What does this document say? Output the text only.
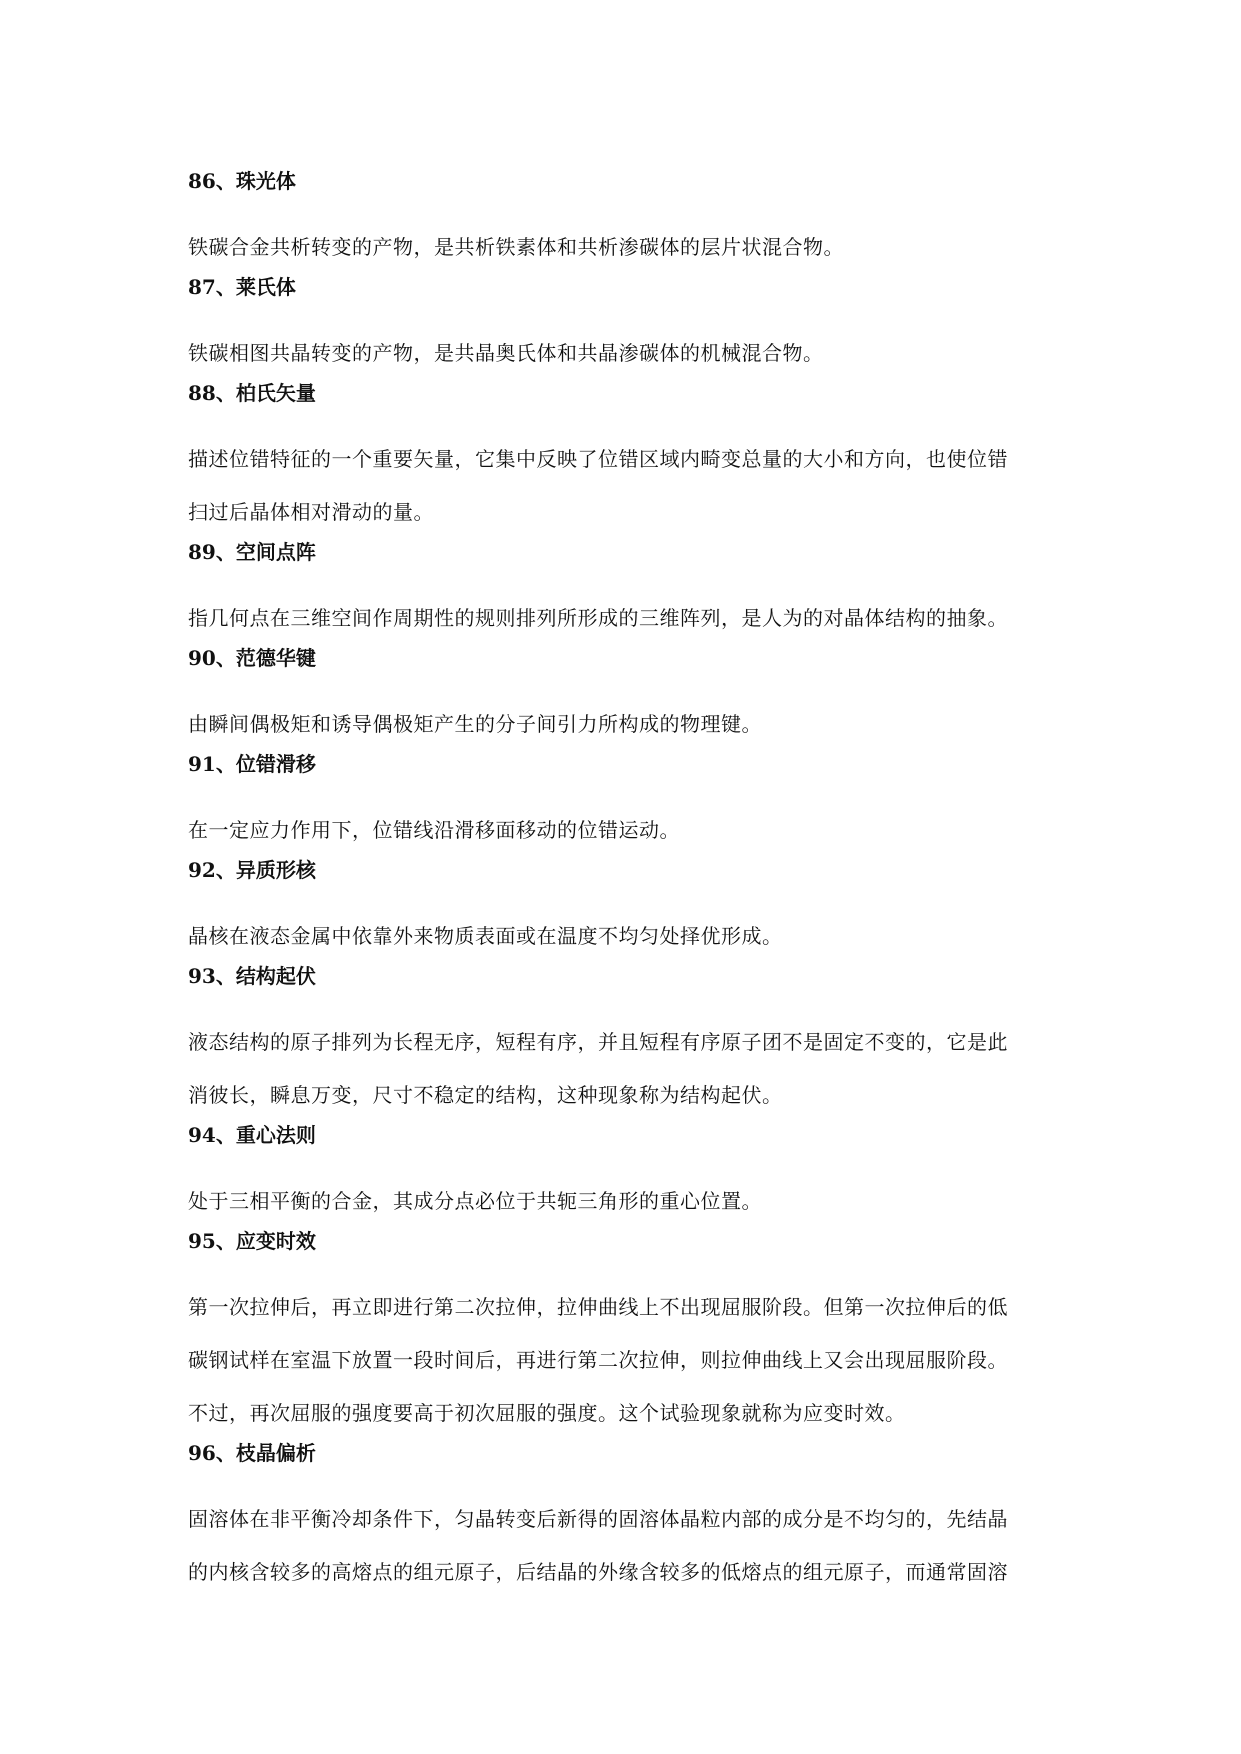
86、珠光体
铁碳合金共析转变的产物，是共析铁素体和共析渗碳体的层片状混合物。
87、莱氏体
铁碳相图共晶转变的产物，是共晶奥氏体和共晶渗碳体的机械混合物。
88、柏氏矢量
描述位错特征的一个重要矢量，它集中反映了位错区域内畸变总量的大小和方向，也使位错
扫过后晶体相对滑动的量。
89、空间点阵
指几何点在三维空间作周期性的规则排列所形成的三维阵列，是人为的对晶体结构的抽象。
90、范德华键
由瞬间偶极矩和诱导偶极矩产生的分子间引力所构成的物理键。
91、位错滑移
在一定应力作用下，位错线沿滑移面移动的位错运动。
92、异质形核
晶核在液态金属中依靠外来物质表面或在温度不均匀处择优形成。
93、结构起伏
液态结构的原子排列为长程无序，短程有序，并且短程有序原子团不是固定不变的，它是此
消彼长，瞬息万变，尺寸不稳定的结构，这种现象称为结构起伏。
94、重心法则
处于三相平衡的合金，其成分点必位于共轭三角形的重心位置。
95、应变时效
第一次拉伸后，再立即进行第二次拉伸，拉伸曲线上不出现屈服阶段。但第一次拉伸后的低
碳钢试样在室温下放置一段时间后，再进行第二次拉伸，则拉伸曲线上又会出现屈服阶段。
不过，再次屈服的强度要高于初次屈服的强度。这个试验现象就称为应变时效。
96、枝晶偏析
固溶体在非平衡冷却条件下，匀晶转变后新得的固溶体晶粒内部的成分是不均匀的，先结晶
的内核含较多的高熔点的组元原子，后结晶的外缘含较多的低熔点的组元原子，而通常固溶
